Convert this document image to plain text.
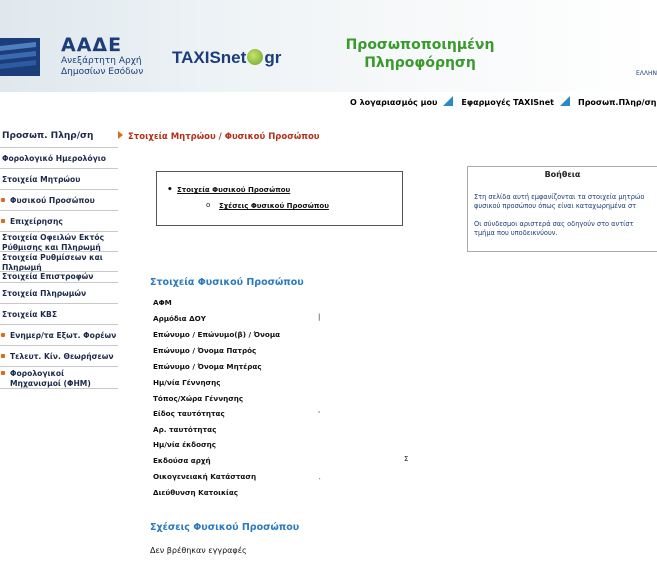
ΑΑΔΕ
Ανεξάρτητη Αρχή
Δημοσίων Εσόδων
TAXISnet gr
Προσωποποιημένη
Πληροφόρηση
ΕΛΛΗΝ
Ο λογαριασμός μου	Εφαρμογές TAXISnet	Προσωπ.Πληρ/ση
Προσωπ. Πληρ/ση
Φορολογικό Ημερολόγιο
Στοιχεία Μητρώου
Φυσικού Προσώπου
Επιχείρησης
Στοιχεία Οφειλών Εκτός Ρύθμισης και Πληρωμή
Στοιχεία Ρυθμίσεων και Πληρωμή
Στοιχεία Επιστροφών
Στοιχεία Πληρωμών
Στοιχεία ΚΒΣ
Ενημερ/τα Εξωτ. Φορέων
Τελευτ. Κίν. Θεωρήσεων
Φορολογικοί Μηχανισμοί (ΦΗΜ)
Στοιχεία Μητρώου / Φυσικού Προσώπου
• Στοιχεία Φυσικού Προσώπου
o Σχέσεις Φυσικού Προσώπου
Βοήθεια
Στη σελίδα αυτή εμφανίζονται τα στοιχεία μητρώο
φυσικού προσώπου όπως είναι καταχωρημένα στ
Οι σύνδεσμοι αριστερά σας οδηγούν στο αντίστ
τμήμα που υποδεικνύουν.
Στοιχεία Φυσικού Προσώπου
ΑΦΜ
Αρμόδια ΔΟΥ	|
Επώνυμο / Επώνυμο(β) / Όνομα
Επώνυμο / Όνομα Πατρός
Επώνυμο / Όνομα Μητέρας
Ημ/νία Γέννησης
Τόπος/Χώρα Γέννησης
Είδος ταυτότητας	,
Αρ. ταυτότητας
Ημ/νία έκδοσης
Εκδούσα αρχή	Σ
Οικογενειακή Κατάσταση	ͺ
Διεύθυνση Κατοικίας
Σχέσεις Φυσικού Προσώπου
Δεν βρέθηκαν εγγραφές
